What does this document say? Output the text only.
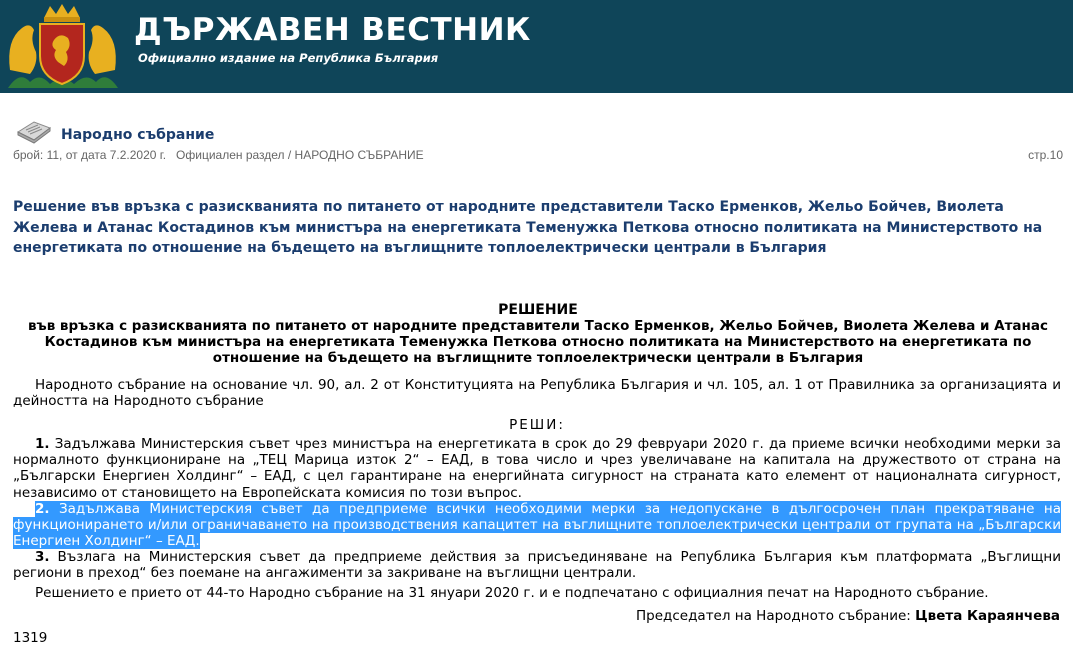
ДЪРЖАВЕН ВЕСТНИК
Официално издание на Република България
Народно събрание
брой: 11, от дата 7.2.2020 г.   Официален раздел / НАРОДНО СЪБРАНИЕ	стр.10
Решение във връзка с разискванията по питането от народните представители Таско Ерменков, Жельо Бойчев, Виолета Желева и Атанас Костадинов към министъра на енергетиката Теменужка Петкова относно политиката на Министерството на енергетиката по отношение на бъдещето на въглищните топлоелектрически централи в България
РЕШЕНИЕ
във връзка с разискванията по питането от народните представители Таско Ерменков, Жельо Бойчев, Виолета Желева и Атанас Костадинов към министъра на енергетиката Теменужка Петкова относно политиката на Министерството на енергетиката по отношение на бъдещето на въглищните топлоелектрически централи в България
Народното събрание на основание чл. 90, ал. 2 от Конституцията на Република България и чл. 105, ал. 1 от Правилника за организацията и дейността на Народното събрание
РЕШИ:
1. Задължава Министерския съвет чрез министъра на енергетиката в срок до 29 февруари 2020 г. да приеме всички необходими мерки за нормалното функциониране на „ТЕЦ Марица изток 2“ – ЕАД, в това число и чрез увеличаване на капитала на дружеството от страна на „Български Енергиен Холдинг“ – ЕАД, с цел гарантиране на енергийната сигурност на страната като елемент от националната сигурност, независимо от становището на Европейската комисия по този въпрос.
2. Задължава Министерския съвет да предприеме всички необходими мерки за недопускане в дългосрочен план прекратяване на функционирането и/или ограничаването на производствения капацитет на въглищните топлоелектрически централи от групата на „Български Енергиен Холдинг“ – ЕАД.
3. Възлага на Министерския съвет да предприеме действия за присъединяване на Република България към платформата „Въглищни региони в преход“ без поемане на ангажименти за закриване на въглищни централи.
Решението е прието от 44-то Народно събрание на 31 януари 2020 г. и е подпечатано с официалния печат на Народното събрание.
Председател на Народното събрание: Цвета Караянчева
1319
